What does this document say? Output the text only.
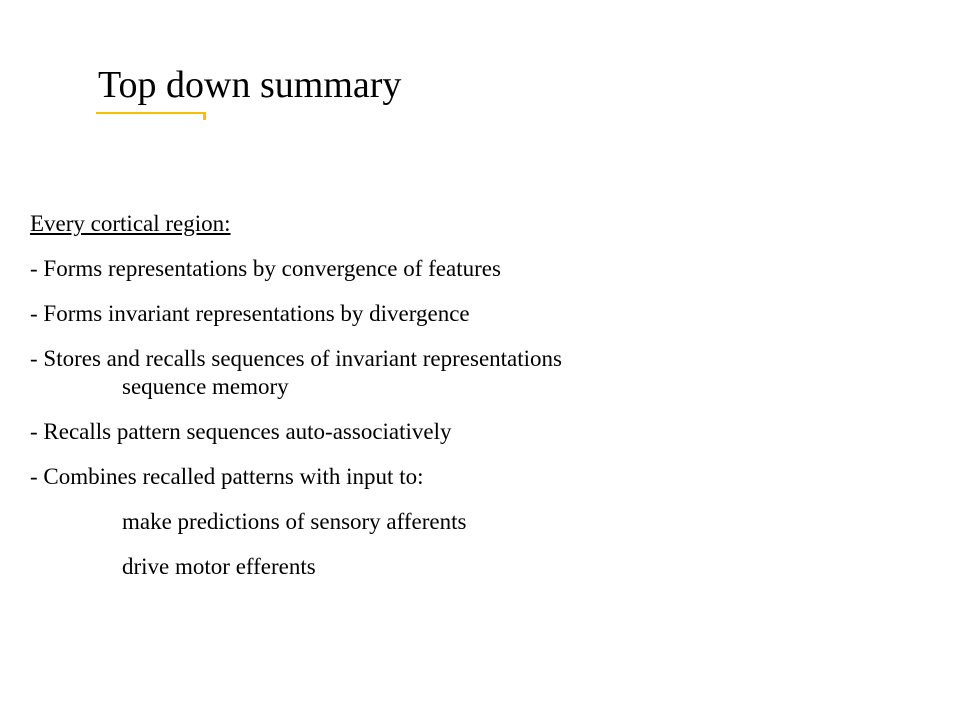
Top down summary
Every cortical region:
- Forms representations by convergence of features
- Forms invariant representations by divergence
- Stores and recalls sequences of invariant representations
sequence memory
- Recalls pattern sequences auto-associatively
- Combines recalled patterns with input to:
make predictions of sensory afferents
drive motor efferents
